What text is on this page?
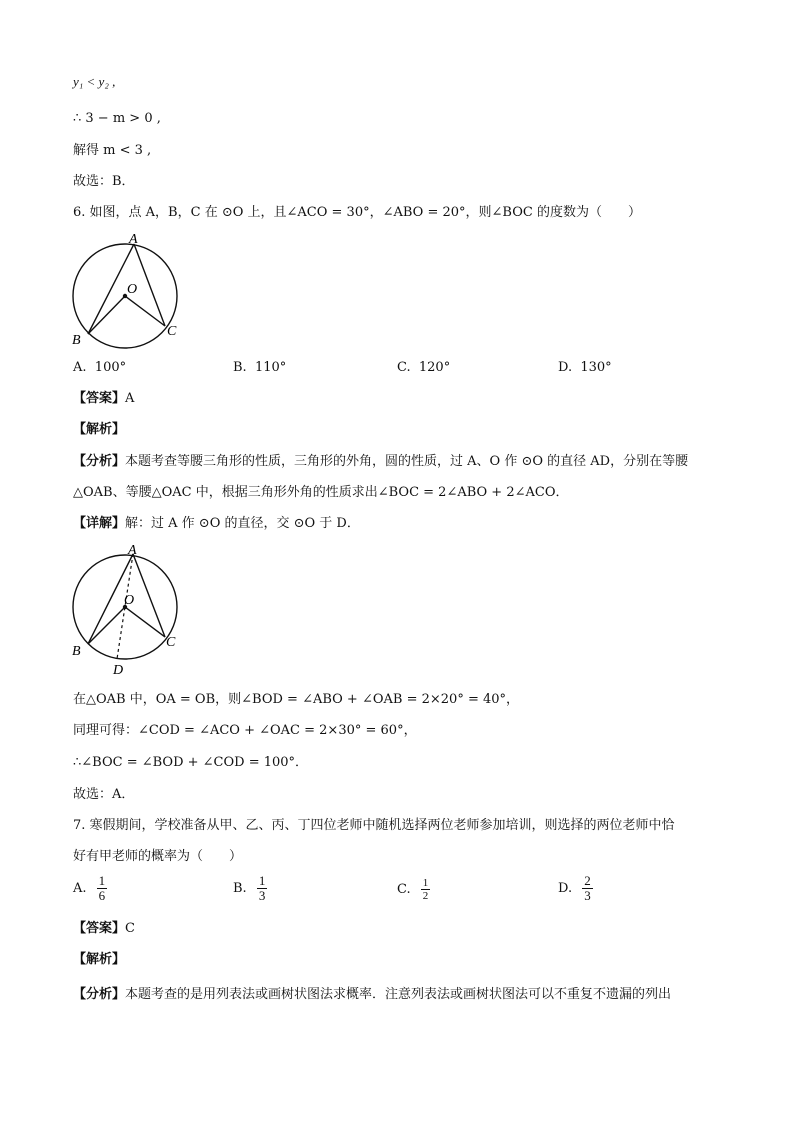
y₁ < y₂ ,
∴ 3 − m > 0 ,
解得 m < 3 ,
故选：B．
6. 如图，点 A，B，C 在 ⊙O 上，且∠ACO = 30°，∠ABO = 20°，则∠BOC 的度数为（　　）
A
O
B
C
A. 100°	B. 110°	C. 120°	D. 130°
【答案】A
【解析】
【分析】本题考查等腰三角形的性质，三角形的外角，圆的性质，过 A、O 作 ⊙O 的直径 AD，分别在等腰
△OAB、等腰△OAC 中，根据三角形外角的性质求出∠BOC = 2∠ABO + 2∠ACO．
【详解】解：过 A 作 ⊙O 的直径，交 ⊙O 于 D．
A
O
B
C
D
在△OAB 中，OA = OB，则∠BOD = ∠ABO + ∠OAB = 2×20° = 40°，
同理可得：∠COD = ∠ACO + ∠OAC = 2×30° = 60°，
∴∠BOC = ∠BOD + ∠COD = 100°．
故选：A．
7. 寒假期间，学校准备从甲、乙、丙、丁四位老师中随机选择两位老师参加培训，则选择的两位老师中恰
好有甲老师的概率为（　　）
A. $\frac{1}{6}$	B. $\frac{1}{3}$	C. $\frac{1}{2}$	D. $\frac{2}{3}$
【答案】C
【解析】
【分析】本题考查的是用列表法或画树状图法求概率．注意列表法或画树状图法可以不重复不遗漏的列出
